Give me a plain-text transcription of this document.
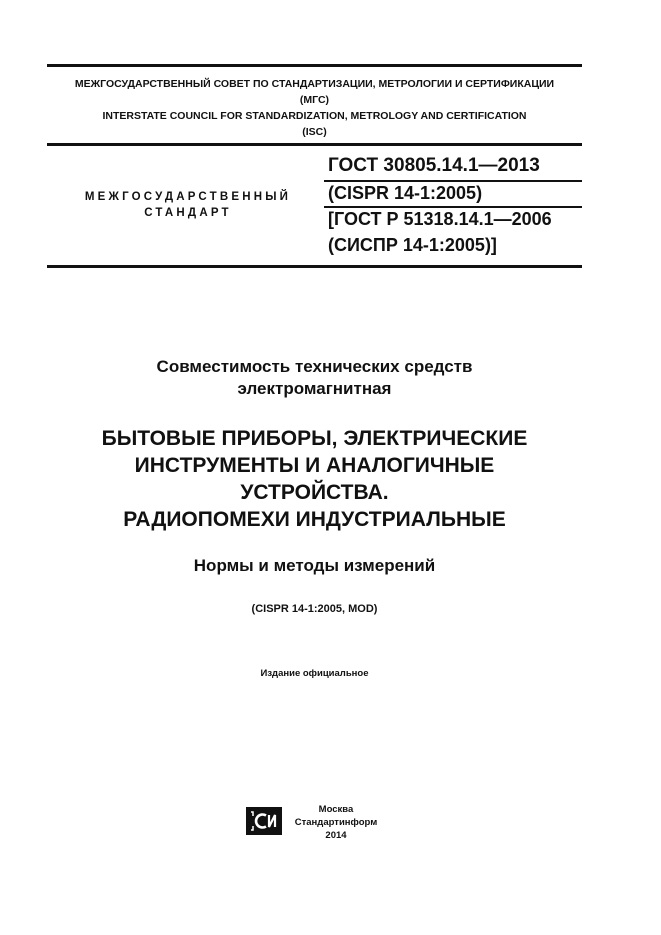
МЕЖГОСУДАРСТВЕННЫЙ СОВЕТ ПО СТАНДАРТИЗАЦИИ, МЕТРОЛОГИИ И СЕРТИФИКАЦИИ
(МГС)
INTERSTATE COUNCIL FOR STANDARDIZATION, METROLOGY AND CERTIFICATION
(ISC)
МЕЖГОСУДАРСТВЕННЫЙ
СТАНДАРТ
ГОСТ 30805.14.1—2013
(CISPR 14-1:2005)
[ГОСТ Р 51318.14.1—2006
(СИСПР 14-1:2005)]
Совместимость технических средств
электромагнитная
БЫТОВЫЕ ПРИБОРЫ, ЭЛЕКТРИЧЕСКИЕ
ИНСТРУМЕНТЫ И АНАЛОГИЧНЫЕ
УСТРОЙСТВА.
РАДИОПОМЕХИ ИНДУСТРИАЛЬНЫЕ
Нормы и методы измерений
(CISPR 14-1:2005, MOD)
Издание официальное
Москва
Стандартинформ
2014
